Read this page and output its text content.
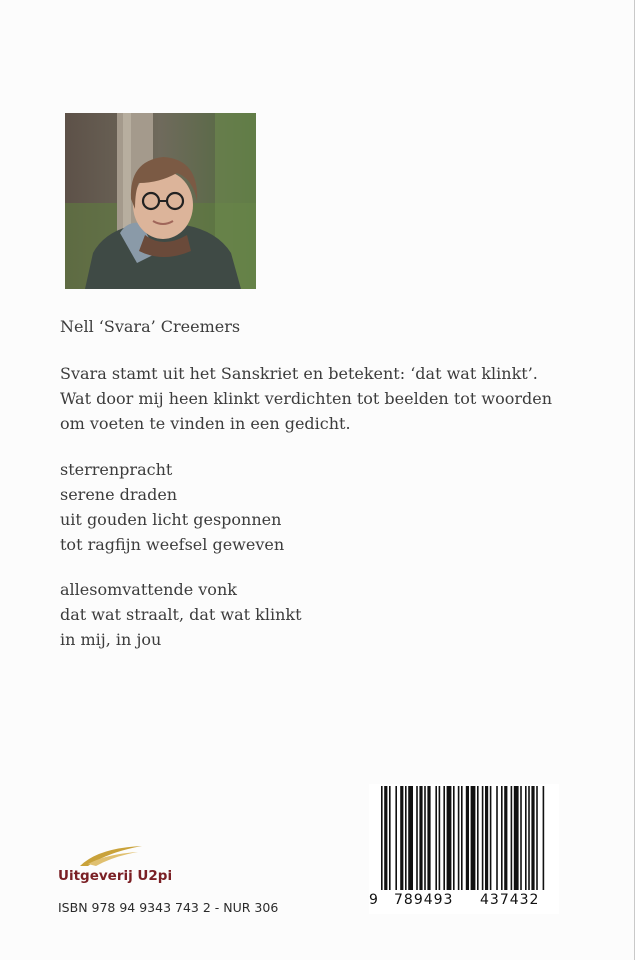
Nell ‘Svara’ Creemers
Svara stamt uit het Sanskriet en betekent: ‘dat wat klinkt’.
Wat door mij heen klinkt verdichten tot beelden tot woorden
om voeten te vinden in een gedicht.
sterrenpracht
serene draden
uit gouden licht gesponnen
tot ragfijn weefsel geweven
allesomvattende vonk
dat wat straalt, dat wat klinkt
in mij, in jou
Uitgeverij U2pi
ISBN 978 94 9343 743 2 - NUR 306	9 789493 437432
